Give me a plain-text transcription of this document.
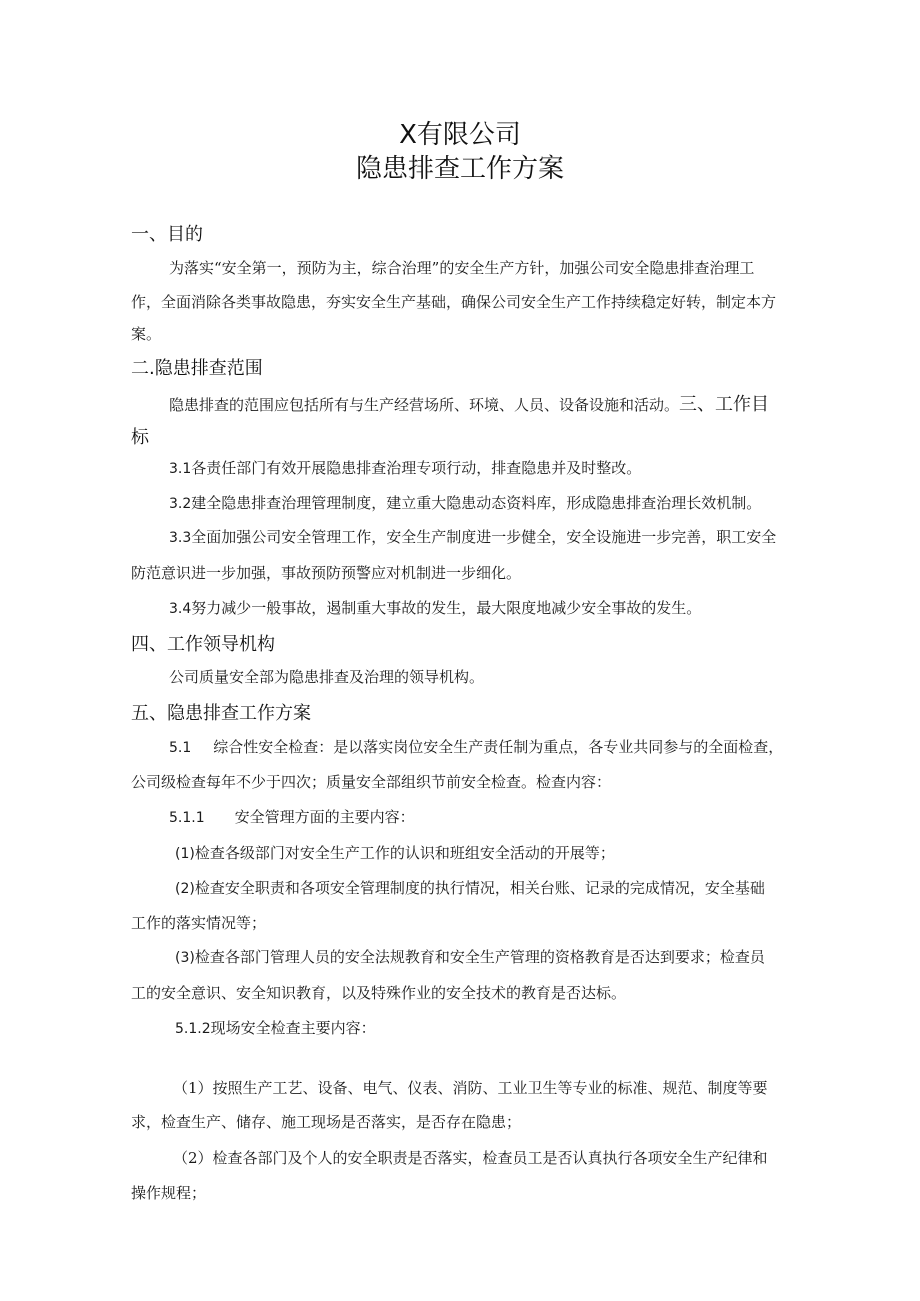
X有限公司
隐患排查工作方案
一、目的
为落实“安全第一，预防为主，综合治理”的安全生产方针，加强公司安全隐患排查治理工
作，全面消除各类事故隐患，夯实安全生产基础，确保公司安全生产工作持续稳定好转，制定本方
案。
二.隐患排查范围
隐患排查的范围应包括所有与生产经营场所、环境、人员、设备设施和活动。三、工作目
标
3.1各责任部门有效开展隐患排查治理专项行动，排查隐患并及时整改。
3.2建全隐患排查治理管理制度，建立重大隐患动态资料库，形成隐患排查治理长效机制。
3.3全面加强公司安全管理工作，安全生产制度进一步健全，安全设施进一步完善，职工安全
防范意识进一步加强，事故预防预警应对机制进一步细化。
3.4努力减少一般事故，遏制重大事故的发生，最大限度地减少安全事故的发生。
四、工作领导机构
公司质量安全部为隐患排查及治理的领导机构。
五、隐患排查工作方案
5.1 综合性安全检查：是以落实岗位安全生产责任制为重点，各专业共同参与的全面检查，
公司级检查每年不少于四次；质量安全部组织节前安全检查。检查内容：
5.1.1 安全管理方面的主要内容：
(1)检查各级部门对安全生产工作的认识和班组安全活动的开展等；
(2)检查安全职责和各项安全管理制度的执行情况，相关台账、记录的完成情况，安全基础
工作的落实情况等；
(3)检查各部门管理人员的安全法规教育和安全生产管理的资格教育是否达到要求；检查员
工的安全意识、安全知识教育，以及特殊作业的安全技术的教育是否达标。
5.1.2现场安全检查主要内容：
（1）按照生产工艺、设备、电气、仪表、消防、工业卫生等专业的标准、规范、制度等要
求，检查生产、储存、施工现场是否落实，是否存在隐患；
（2）检查各部门及个人的安全职责是否落实，检查员工是否认真执行各项安全生产纪律和
操作规程；
